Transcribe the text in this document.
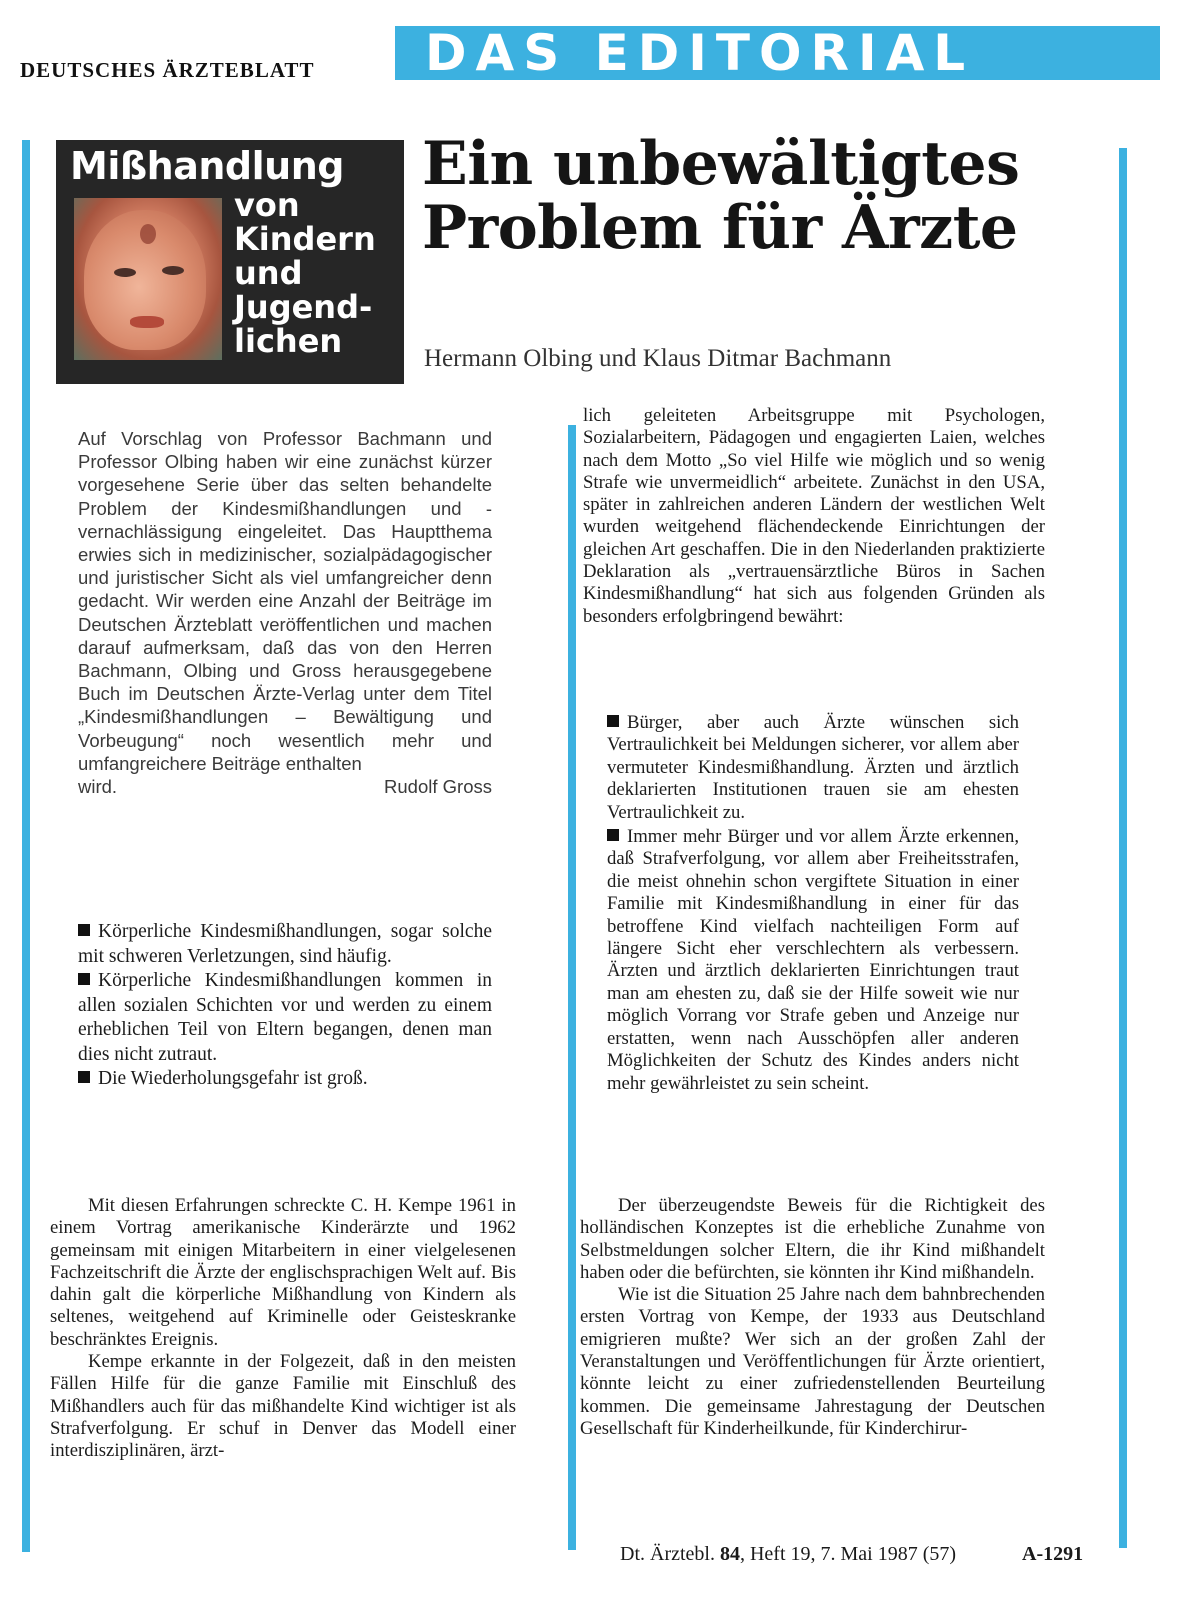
DEUTSCHES ÄRZTEBLATT DAS EDITORIAL
Mißhandlung
von
Kindern
und
Jugend-
lichen
Ein unbewältigtes
Problem für Ärzte
Hermann Olbing und Klaus Ditmar Bachmann

Auf Vorschlag von Professor Bachmann und Professor Olbing haben wir eine zunächst kürzer vorgesehene Serie über das selten behandelte Problem der Kindesmißhandlungen und -vernachlässigung eingeleitet. Das Hauptthema erwies sich in medizinischer, sozialpädagogischer und juristischer Sicht als viel umfangreicher denn gedacht. Wir werden eine Anzahl der Beiträge im Deutschen Ärzteblatt veröffentlichen und machen darauf aufmerksam, daß das von den Herren Bachmann, Olbing und Gross herausgegebene Buch im Deutschen Ärzte-Verlag unter dem Titel „Kindesmißhandlungen – Bewältigung und Vorbeugung“ noch wesentlich mehr und umfangreichere Beiträge enthalten

wird.	Rudolf Gross

Körperliche Kindesmißhandlungen, sogar solche mit schweren Verletzungen, sind häufig.

Körperliche Kindesmißhandlungen kommen in allen sozialen Schichten vor und werden zu einem erheblichen Teil von Eltern begangen, denen man dies nicht zutraut.

Die Wiederholungsgefahr ist groß.

Mit diesen Erfahrungen schreckte C. H. Kempe 1961 in einem Vortrag amerikanische Kinderärzte und 1962 gemeinsam mit einigen Mitarbeitern in einer vielgelesenen Fachzeitschrift die Ärzte der englischsprachigen Welt auf. Bis dahin galt die körperliche Mißhandlung von Kindern als seltenes, weitgehend auf Kriminelle oder Geisteskranke beschränktes Ereignis.

Kempe erkannte in der Folgezeit, daß in den meisten Fällen Hilfe für die ganze Familie mit Einschluß des Mißhandlers auch für das mißhandelte Kind wichtiger ist als Strafverfolgung. Er schuf in Denver das Modell einer interdisziplinären, ärzt-

lich geleiteten Arbeitsgruppe mit Psychologen, Sozialarbeitern, Pädagogen und engagierten Laien, welches nach dem Motto „So viel Hilfe wie möglich und so wenig Strafe wie unvermeidlich“ arbeitete. Zunächst in den USA, später in zahlreichen anderen Ländern der westlichen Welt wurden weitgehend flächendeckende Einrichtungen der gleichen Art geschaffen. Die in den Niederlanden praktizierte Deklaration als „vertrauensärztliche Büros in Sachen Kindesmißhandlung“ hat sich aus folgenden Gründen als besonders erfolgbringend bewährt:

Bürger, aber auch Ärzte wünschen sich Vertraulichkeit bei Meldungen sicherer, vor allem aber vermuteter Kindesmißhandlung. Ärzten und ärztlich deklarierten Institutionen trauen sie am ehesten Vertraulichkeit zu.

Immer mehr Bürger und vor allem Ärzte erkennen, daß Strafverfolgung, vor allem aber Freiheitsstrafen, die meist ohnehin schon vergiftete Situation in einer Familie mit Kindesmißhandlung in einer für das betroffene Kind vielfach nachteiligen Form auf längere Sicht eher verschlechtern als verbessern. Ärzten und ärztlich deklarierten Einrichtungen traut man am ehesten zu, daß sie der Hilfe soweit wie nur möglich Vorrang vor Strafe geben und Anzeige nur erstatten, wenn nach Ausschöpfen aller anderen Möglichkeiten der Schutz des Kindes anders nicht mehr gewährleistet zu sein scheint.

Der überzeugendste Beweis für die Richtigkeit des holländischen Konzeptes ist die erhebliche Zunahme von Selbstmeldungen solcher Eltern, die ihr Kind mißhandelt haben oder die befürchten, sie könnten ihr Kind mißhandeln.

Wie ist die Situation 25 Jahre nach dem bahnbrechenden ersten Vortrag von Kempe, der 1933 aus Deutschland emigrieren mußte? Wer sich an der großen Zahl der Veranstaltungen und Veröffentlichungen für Ärzte orientiert, könnte leicht zu einer zufriedenstellenden Beurteilung kommen. Die gemeinsame Jahrestagung der Deutschen Gesellschaft für Kinderheilkunde, für Kinderchirur-

Dt. Ärztebl. 84, Heft 19, 7. Mai 1987 (57)	A-1291
